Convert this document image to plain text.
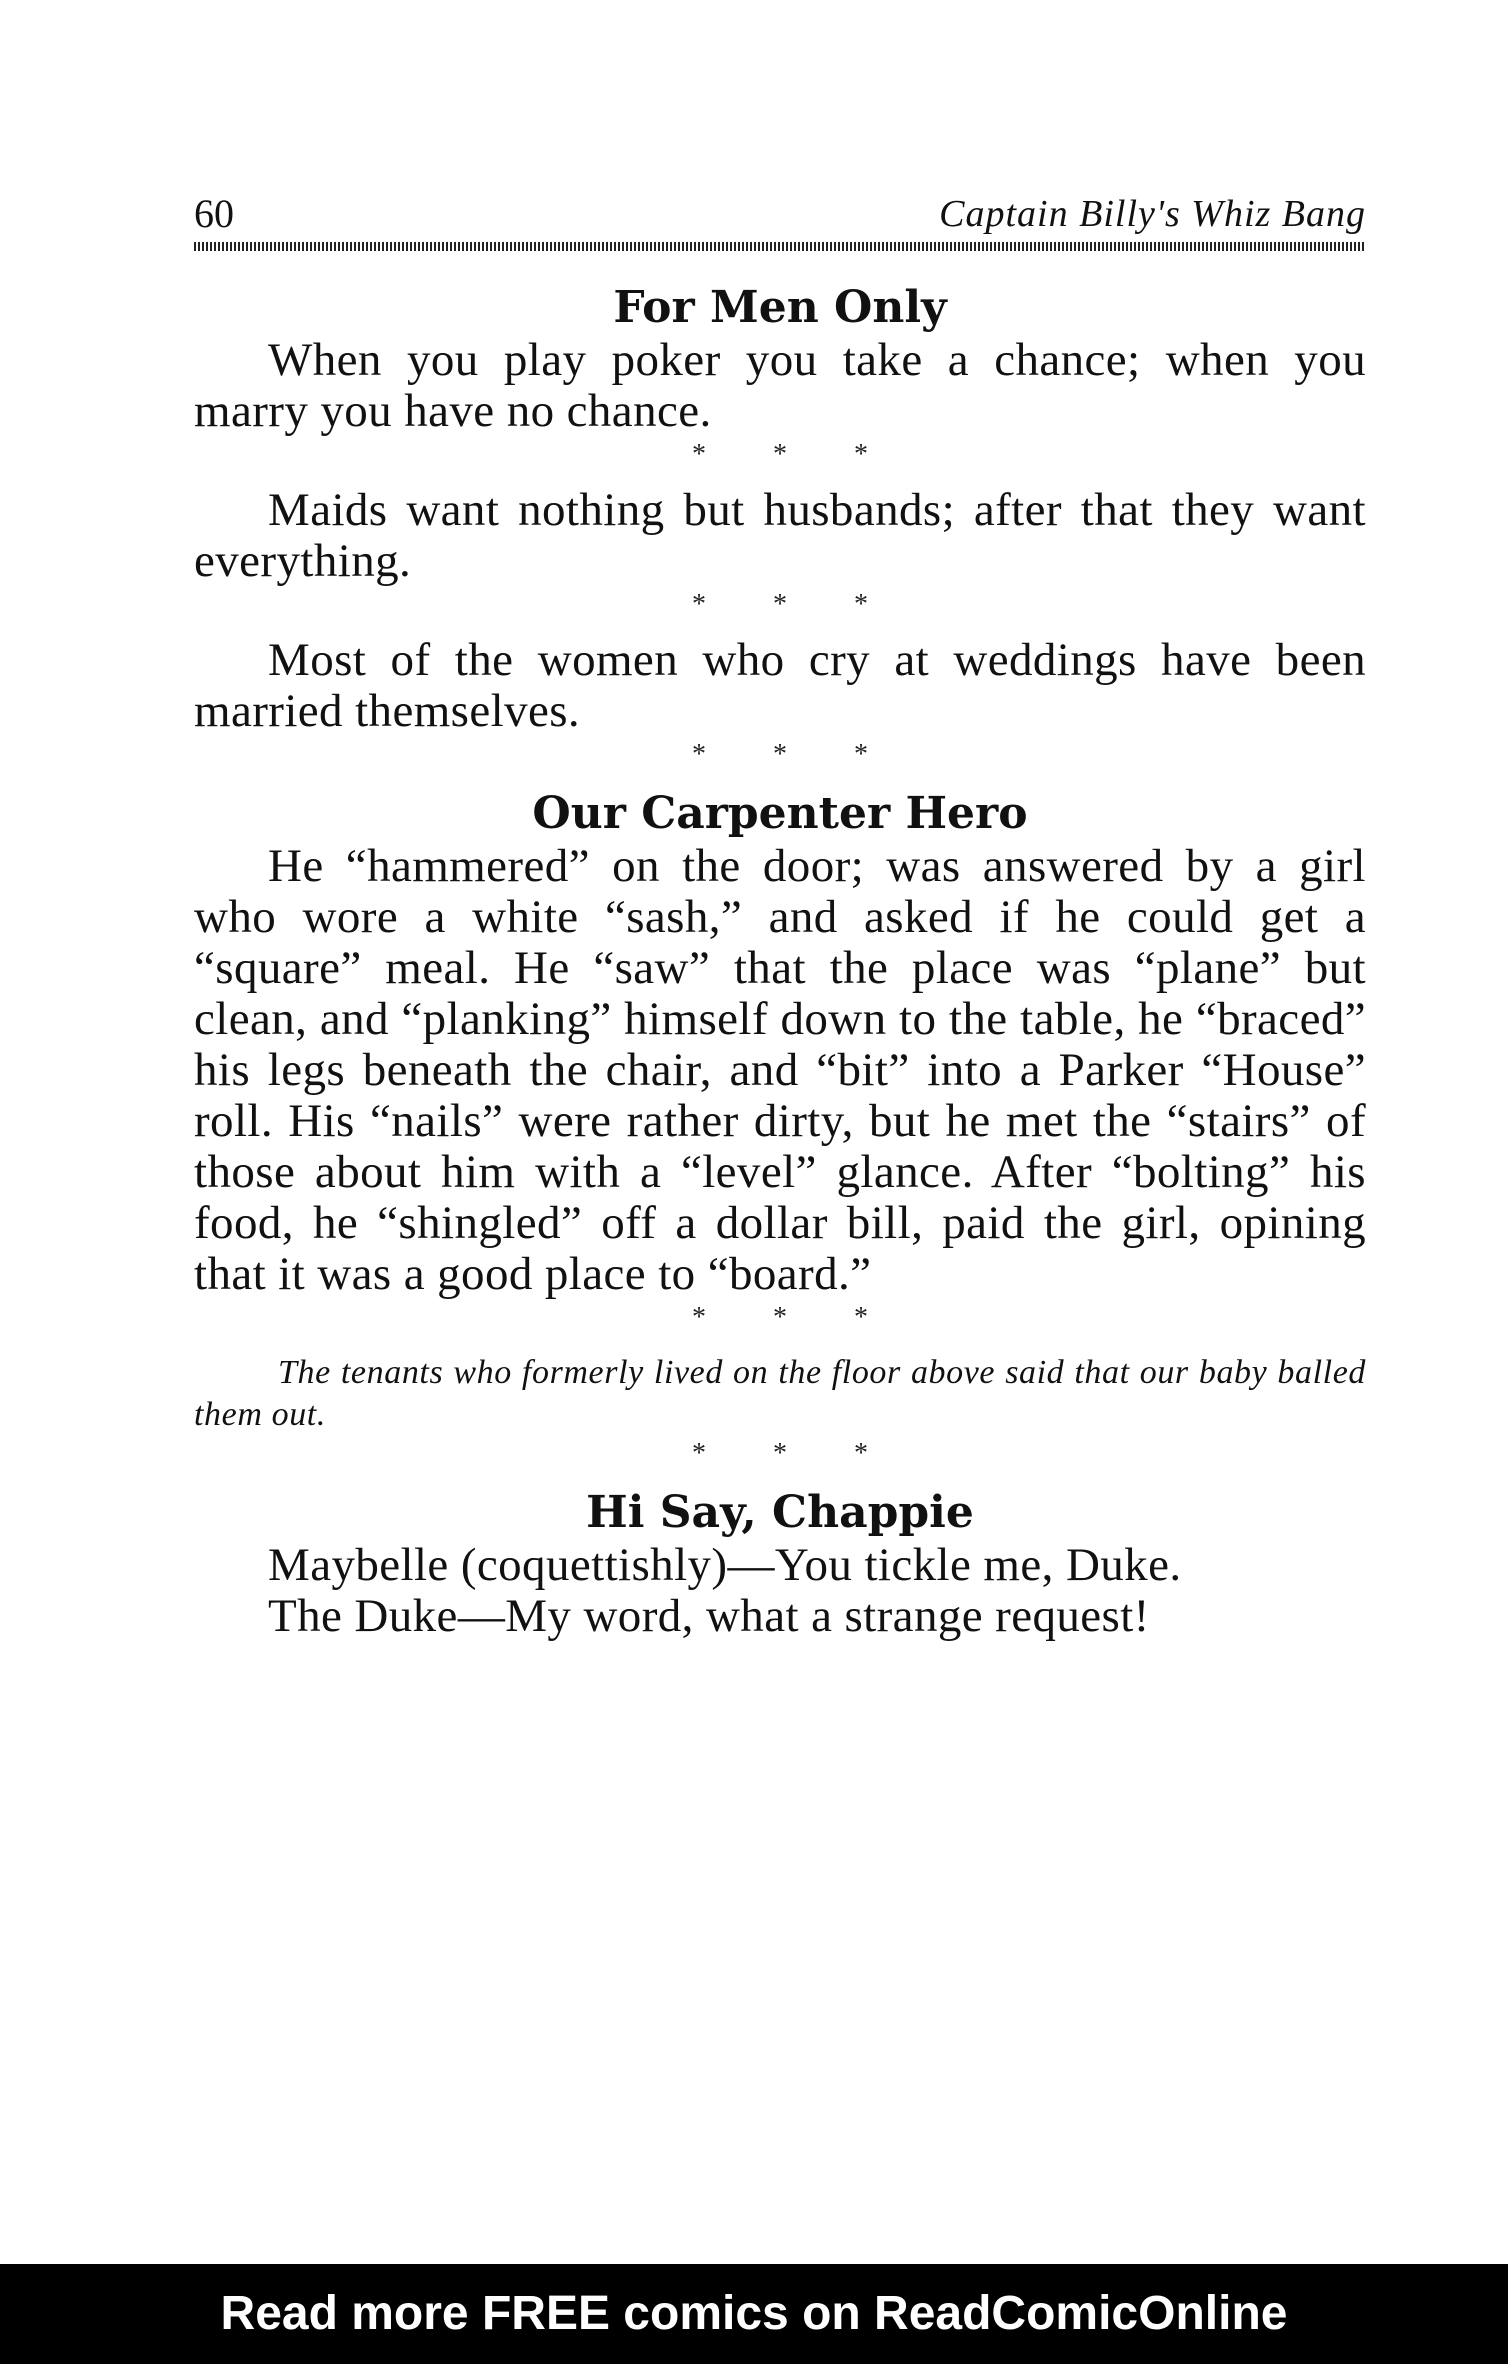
60	Captain Billy's Whiz Bang
For Men Only

When you play poker you take a chance; when you marry you have no chance.

* * *

Maids want nothing but husbands; after that they want everything.

* * *

Most of the women who cry at weddings have been married themselves.

* * *
Our Carpenter Hero

He “hammered” on the door; was answered by a girl who wore a white “sash,” and asked if he could get a “square” meal. He “saw” that the place was “plane” but clean, and “planking” himself down to the table, he “braced” his legs beneath the chair, and “bit” into a Parker “House” roll. His “nails” were rather dirty, but he met the “stairs” of those about him with a “level” glance. After “bolting” his food, he “shingled” off a dollar bill, paid the girl, opining that it was a good place to “board.”

* * *

The tenants who formerly lived on the floor above said that our baby balled them out.

* * *
Hi Say, Chappie

Maybelle (coquettishly)—You tickle me, Duke.

The Duke—My word, what a strange request!

Read more FREE comics on ReadComicOnline
